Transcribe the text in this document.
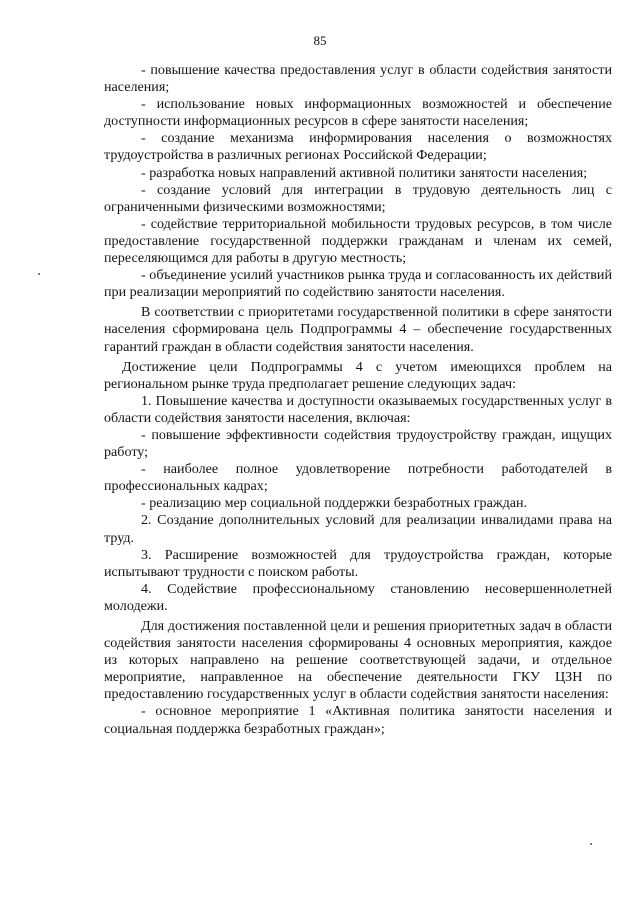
85

- повышение качества предоставления услуг в области содействия занятости населения;

- использование новых информационных возможностей и обеспечение доступности информационных ресурсов в сфере занятости населения;

- создание механизма информирования населения о возможностях трудоустройства в различных регионах Российской Федерации;

- разработка новых направлений активной политики занятости населения;

- создание условий для интеграции в трудовую деятельность лиц с ограниченными физическими возможностями;

- содействие территориальной мобильности трудовых ресурсов, в том числе предоставление государственной поддержки гражданам и членам их семей, переселяющимся для работы в другую местность;

- объединение усилий участников рынка труда и согласованность их действий при реализации мероприятий по содействию занятости населения.

В соответствии с приоритетами государственной политики в сфере занятости населения сформирована цель Подпрограммы 4 – обеспечение государственных гарантий граждан в области содействия занятости населения.

Достижение цели Подпрограммы 4 с учетом имеющихся проблем на региональном рынке труда предполагает решение следующих задач:

1. Повышение качества и доступности оказываемых государственных услуг в области содействия занятости населения, включая:

- повышение эффективности содействия трудоустройству граждан, ищущих работу;

- наиболее полное удовлетворение потребности работодателей в профессиональных кадрах;

- реализацию мер социальной поддержки безработных граждан.

2. Создание дополнительных условий для реализации инвалидами права на труд.

3. Расширение возможностей для трудоустройства граждан, которые испытывают трудности с поиском работы.

4. Содействие профессиональному становлению несовершеннолетней молодежи.

Для достижения поставленной цели и решения приоритетных задач в области содействия занятости населения сформированы 4 основных мероприятия, каждое из которых направлено на решение соответствующей задачи, и отдельное мероприятие, направленное на обеспечение деятельности ГКУ ЦЗН по предоставлению государственных услуг в области содействия занятости населения:

- основное мероприятие 1 «Активная политика занятости населения и социальная поддержка безработных граждан»;
